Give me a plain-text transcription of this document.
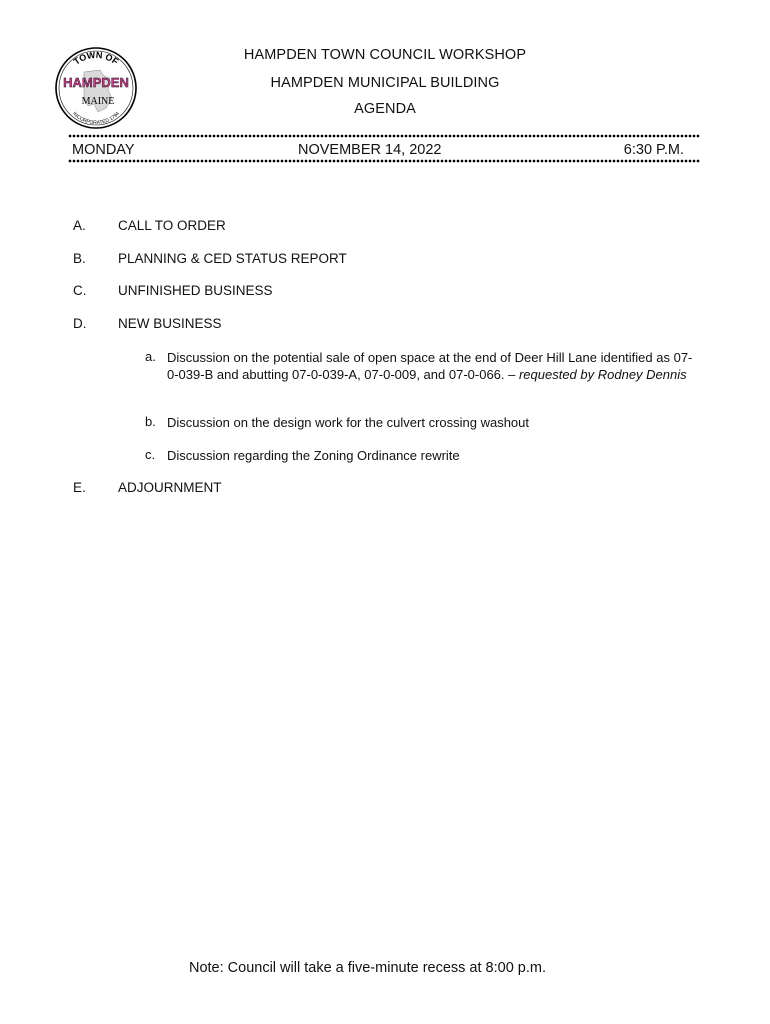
TOWN OF
HAMPDEN
MAINE
INCORPORATED 1794
HAMPDEN TOWN COUNCIL WORKSHOP
HAMPDEN MUNICIPAL BUILDING
AGENDA
MONDAY	NOVEMBER 14, 2022	6:30 P.M.
A. CALL TO ORDER
B. PLANNING & CED STATUS REPORT
C. UNFINISHED BUSINESS
D. NEW BUSINESS
a. Discussion on the potential sale of open space at the end of Deer Hill Lane identified as 07-0-039-B and abutting 07-0-039-A, 07-0-009, and 07-0-066. – requested by Rodney Dennis
b. Discussion on the design work for the culvert crossing washout
c. Discussion regarding the Zoning Ordinance rewrite
E. ADJOURNMENT
Note: Council will take a five-minute recess at 8:00 p.m.
